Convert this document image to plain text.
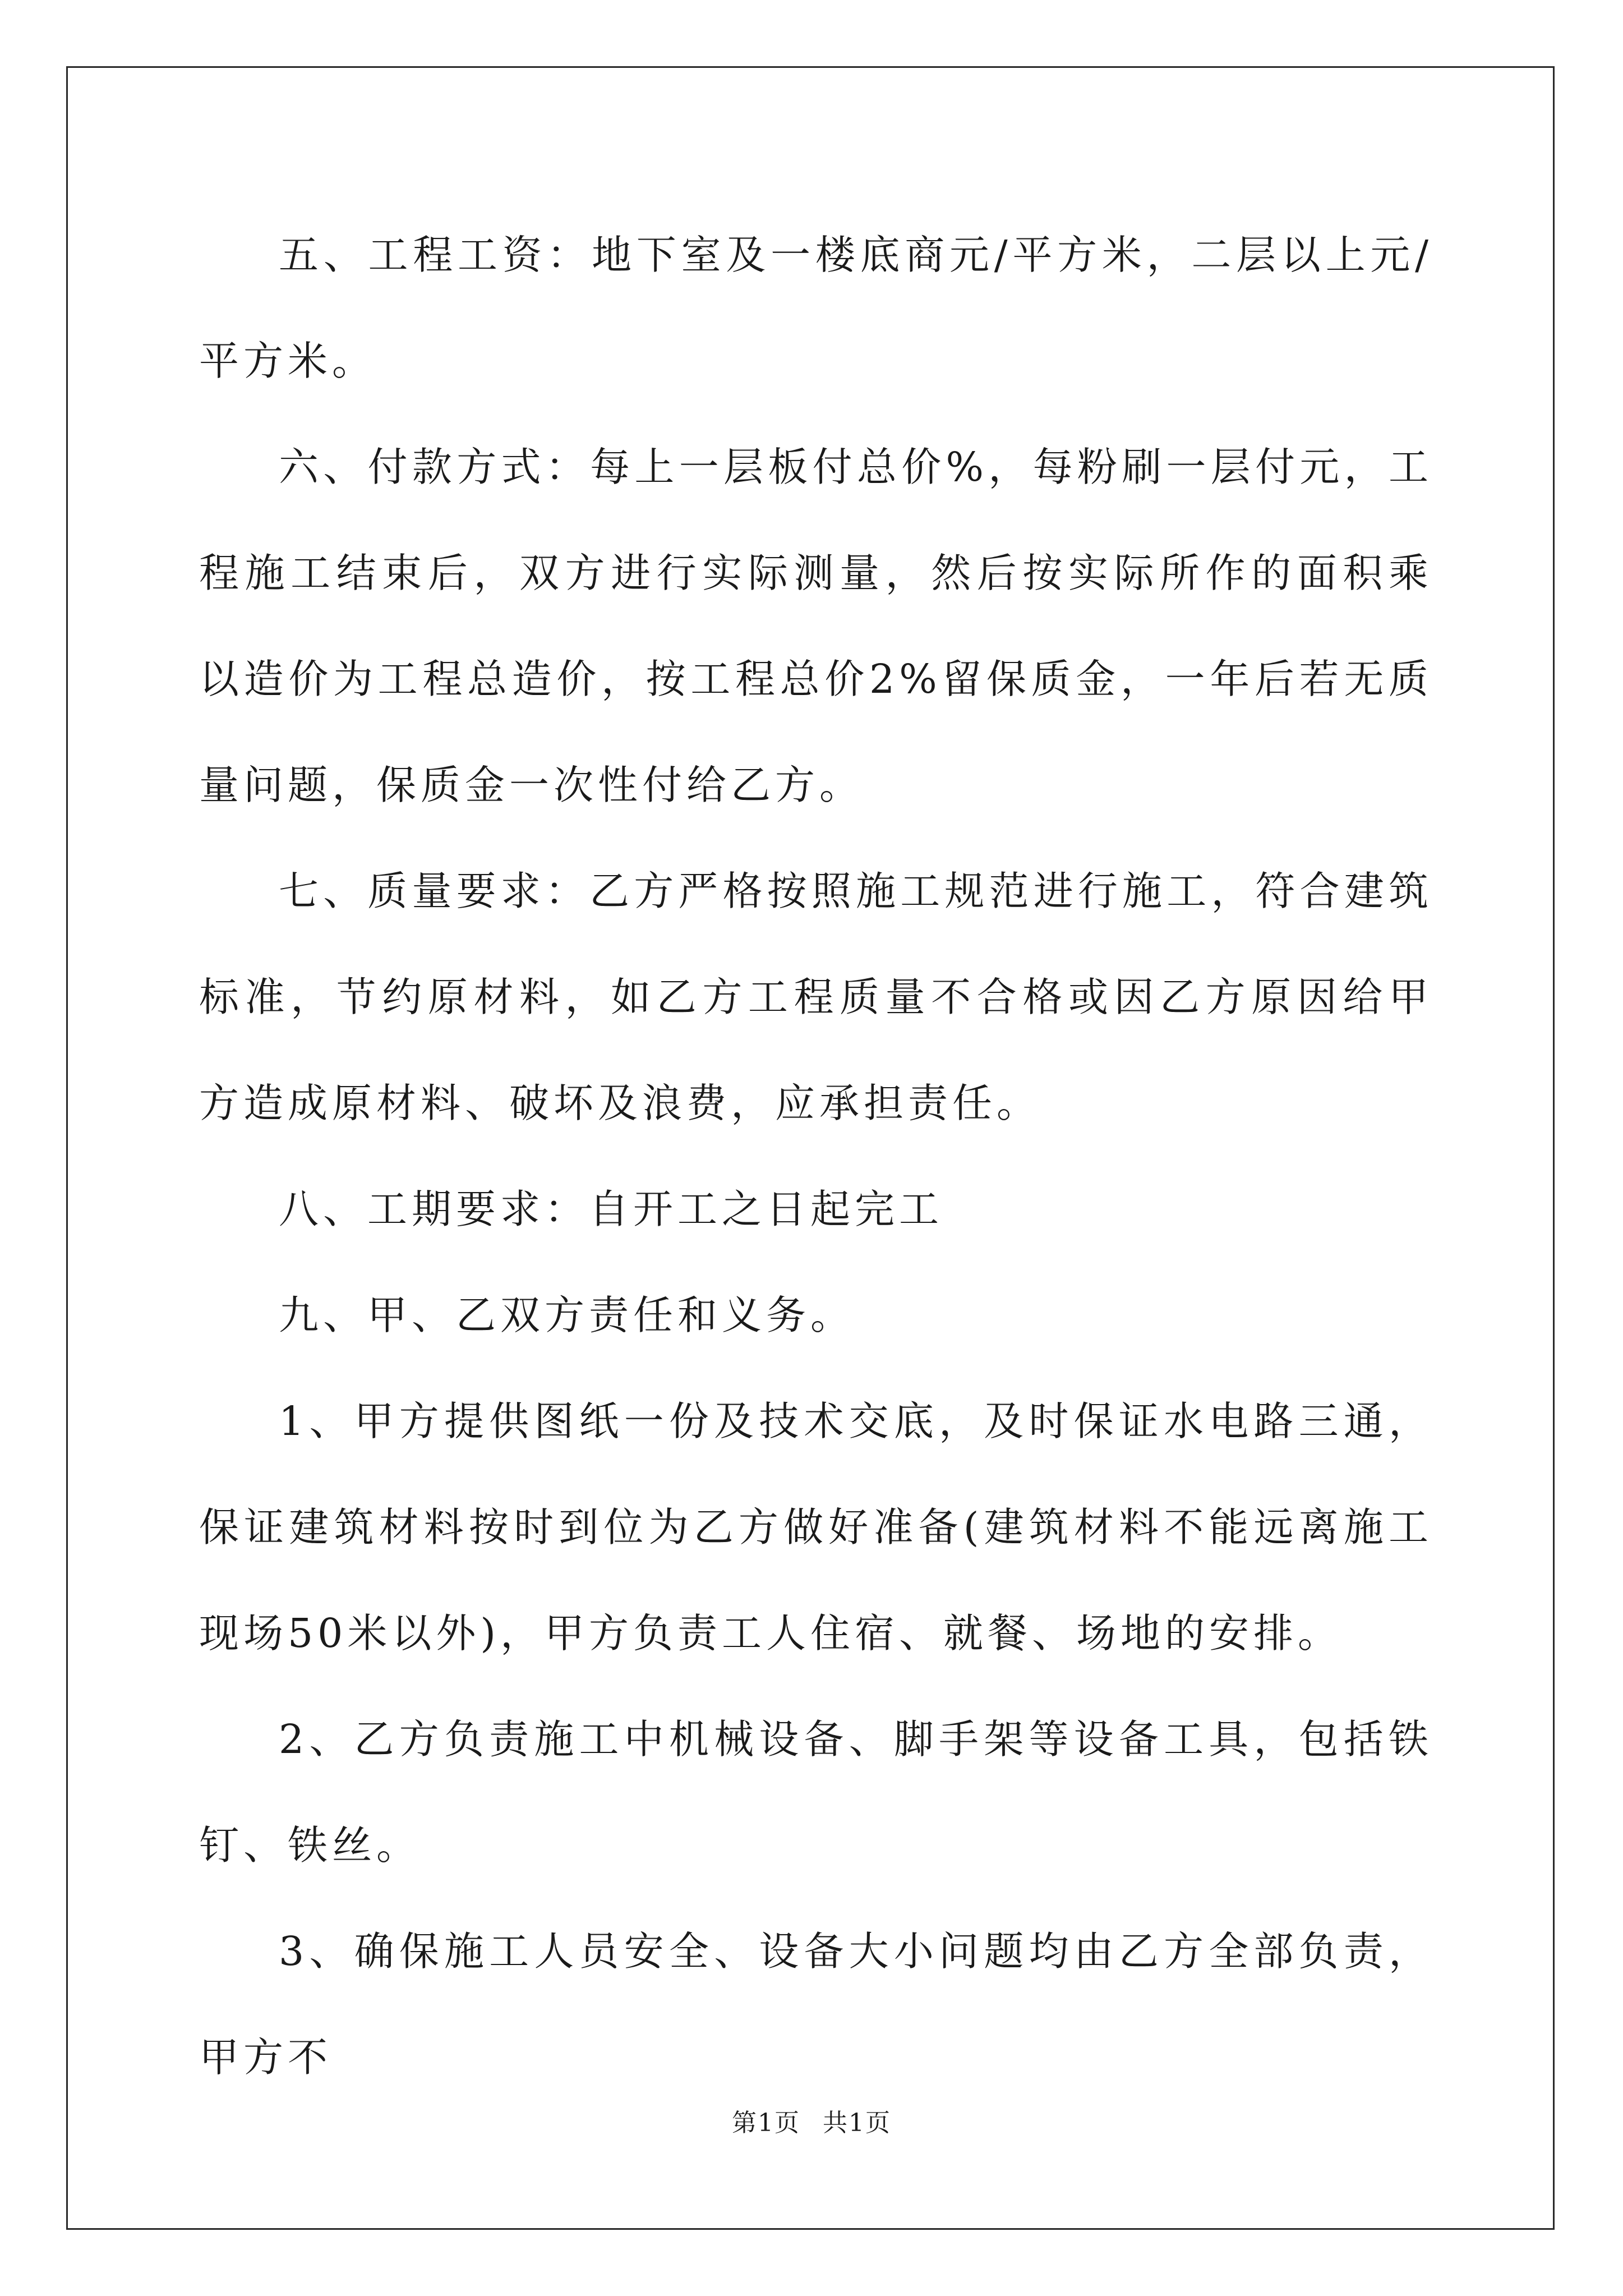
五、工程工资：地下室及一楼底商元/平方米，二层以上元/平方米。

六、付款方式：每上一层板付总价%，每粉刷一层付元，工程施工结束后，双方进行实际测量，然后按实际所作的面积乘以造价为工程总造价，按工程总价2%留保质金，一年后若无质量问题，保质金一次性付给乙方。

七、质量要求：乙方严格按照施工规范进行施工，符合建筑标准，节约原材料，如乙方工程质量不合格或因乙方原因给甲方造成原材料、破坏及浪费，应承担责任。

八、工期要求：自开工之日起完工

九、甲、乙双方责任和义务。

1、甲方提供图纸一份及技术交底，及时保证水电路三通，保证建筑材料按时到位为乙方做好准备(建筑材料不能远离施工现场50米以外)，甲方负责工人住宿、就餐、场地的安排。

2、乙方负责施工中机械设备、脚手架等设备工具，包括铁钉、铁丝。

3、确保施工人员安全、设备大小问题均由乙方全部负责，甲方不

第1页 共1页
